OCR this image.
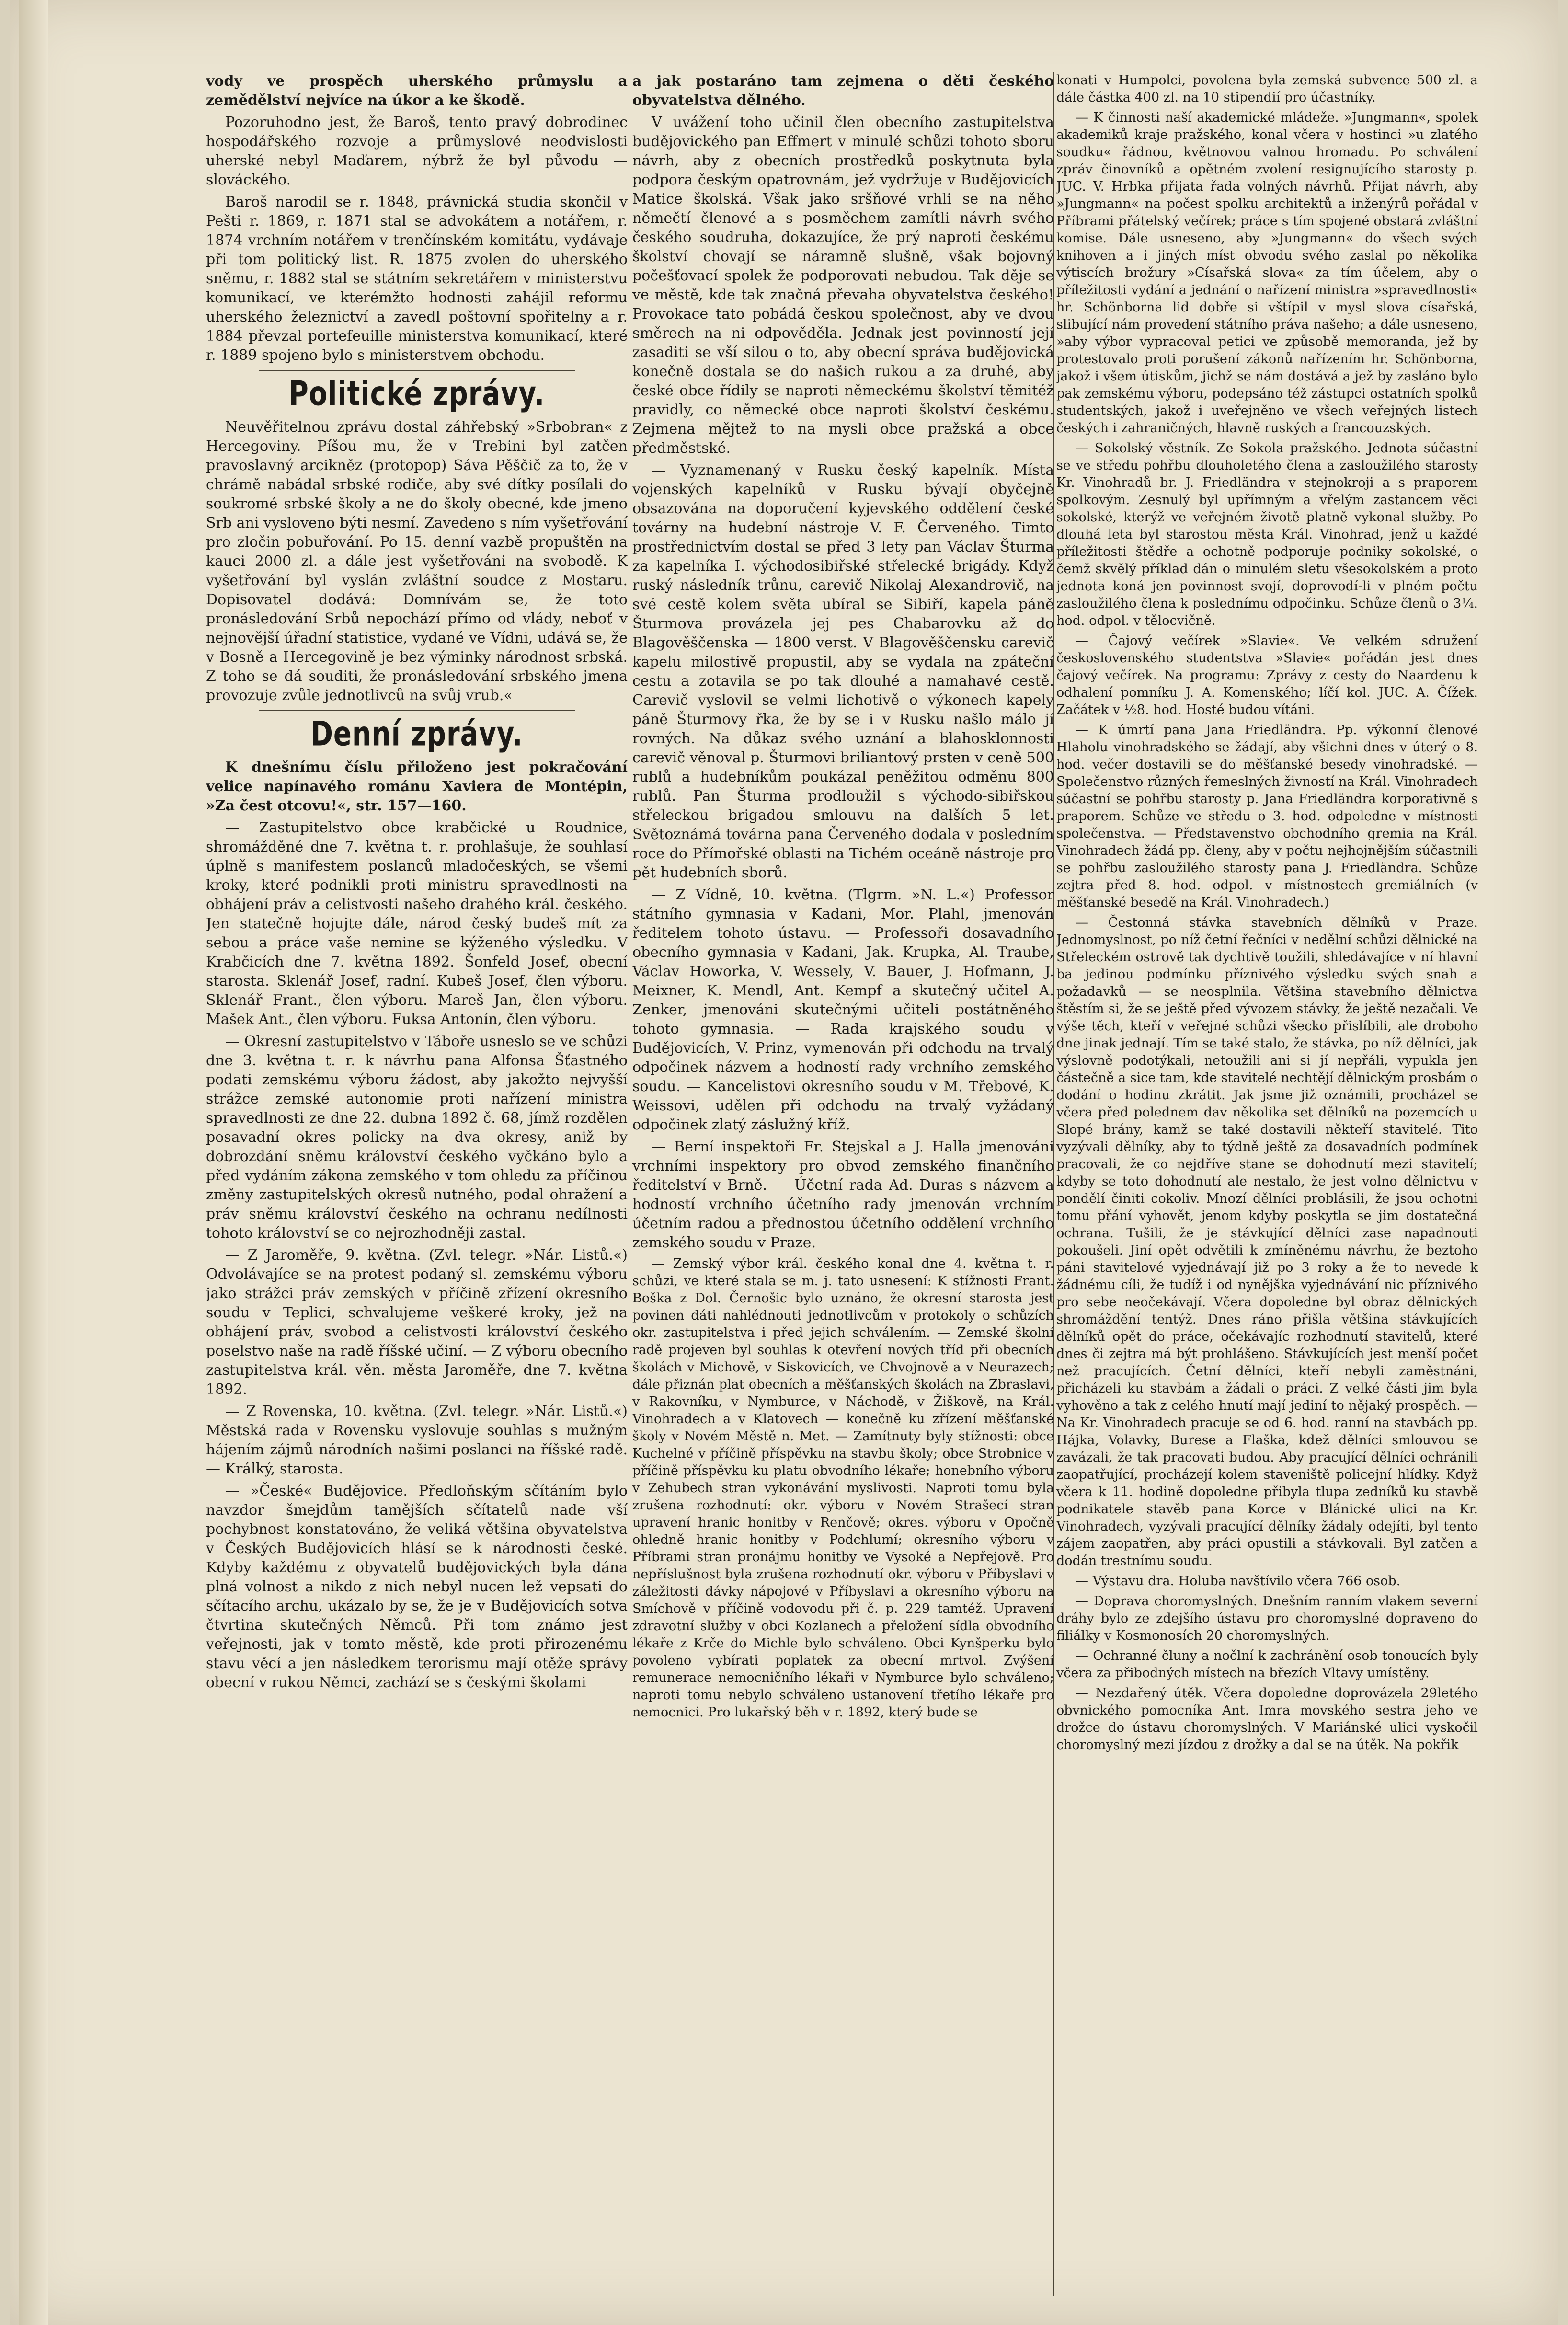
vody ve prospěch uherského průmyslu a zemědělství nejvíce na úkor a ke škodě.

Pozoruhodno jest, že Baroš, tento pravý dobrodinec hospodářského rozvoje a průmyslové neodvislosti uherské nebyl Maďarem, nýbrž že byl původu — slováckého.

Baroš narodil se r. 1848, právnická studia skončil v Pešti r. 1869, r. 1871 stal se advokátem a notářem, r. 1874 vrchním notářem v trenčínském komitátu, vydávaje při tom politický list. R. 1875 zvolen do uherského sněmu, r. 1882 stal se státním sekretářem v ministerstvu komunikací, ve kterémžto hodnosti zahájil reformu uherského železnictví a zavedl poštovní spořitelny a r. 1884 převzal portefeuille ministerstva komunikací, které r. 1889 spojeno bylo s ministerstvem obchodu.

Politické zprávy.

Neuvěřitelnou zprávu dostal záhřebský »Srbobran« z Hercegoviny. Píšou mu, že v Trebini byl zatčen pravoslavný arcikněz (protopop) Sáva Pěščič za to, že v chrámě nabádal srbské rodiče, aby své dítky posílali do soukromé srbské školy a ne do školy obecné, kde jmeno Srb ani vysloveno býti nesmí. Zavedeno s ním vyšetřování pro zločin pobuřování. Po 15. denní vazbě propuštěn na kauci 2000 zl. a dále jest vyšetřováni na svobodě. K vyšetřování byl vyslán zvláštní soudce z Mostaru. Dopisovatel dodává: Domnívám se, že toto pronásledování Srbů nepochází přímo od vlády, neboť v nejnovější úřadní statistice, vydané ve Vídni, udává se, že v Bosně a Hercegovině je bez výminky národnost srbská. Z toho se dá souditi, že pronásledování srbského jmena provozuje zvůle jednotlivců na svůj vrub.«

Denní zprávy.

K dnešnímu číslu přiloženo jest pokračování velice napínavého románu Xaviera de Montépin, »Za čest otcovu!«, str. 157—160.

— Zastupitelstvo obce krabčické u Roudnice, shromážděné dne 7. května t. r. prohlašuje, že souhlasí úplně s manifestem poslanců mladočeských, se všemi kroky, které podnikli proti ministru spravedlnosti na obhájení práv a celistvosti našeho drahého král. českého. Jen statečně hojujte dále, národ český budeš mít za sebou a práce vaše nemine se kýženého výsledku. V Krabčicích dne 7. května 1892. Šonfeld Josef, obecní starosta. Sklenář Josef, radní. Kubeš Josef, člen výboru. Sklenář Frant., člen výboru. Mareš Jan, člen výboru. Mašek Ant., člen výboru. Fuksa Antonín, člen výboru.

— Okresní zastupitelstvo v Táboře usneslo se ve schůzi dne 3. května t. r. k návrhu pana Alfonsa Šťastného podati zemskému výboru žádost, aby jakožto nejvyšší strážce zemské autonomie proti nařízení ministra spravedlnosti ze dne 22. dubna 1892 č. 68, jímž rozdělen posavadní okres policky na dva okresy, aniž by dobrozdání sněmu království českého vyčkáno bylo a před vydáním zákona zemského v tom ohledu za příčinou změny zastupitelských okresů nutného, podal ohražení a práv sněmu království českého na ochranu nedílnosti tohoto království se co nejrozhodněji zastal.

— Z Jaroměře, 9. května. (Zvl. telegr. »Nár. Listů.«) Odvolávajíce se na protest podaný sl. zemskému výboru jako strážci práv zemských v příčině zřízení okresního soudu v Teplici, schvalujeme veškeré kroky, jež na obhájení práv, svobod a celistvosti království českého poselstvo naše na radě říšské učiní. — Z výboru obecního zastupitelstva král. věn. města Jaroměře, dne 7. května 1892.

— Z Rovenska, 10. května. (Zvl. telegr. »Nár. Listů.«) Městská rada v Rovensku vyslovuje souhlas s mužným hájením zájmů národních našimi poslanci na říšské radě. — Králký, starosta.

— »České« Budějovice. Předloňským sčítáním bylo navzdor šmejdům tamějších sčítatelů nade vší pochybnost konstatováno, že veliká většina obyvatelstva v Českých Budějovicích hlásí se k národnosti české. Kdyby každému z obyvatelů budějovických byla dána plná volnost a nikdo z nich nebyl nucen lež vepsati do sčítacího archu, ukázalo by se, že je v Budějovicích sotva čtvrtina skutečných Němců. Při tom známo jest veřejnosti, jak v tomto městě, kde proti přirozenému stavu věcí a jen následkem terorismu mají otěže správy obecní v rukou Němci, zachází se s českými školami

a jak postaráno tam zejmena o děti českého obyvatelstva dělného.

V uvážení toho učinil člen obecního zastupitelstva budějovického pan Effmert v minulé schůzi tohoto sboru návrh, aby z obecních prostředků poskytnuta byla podpora českým opatrovnám, jež vydržuje v Budějovicích Matice školská. Však jako sršňové vrhli se na něho němečtí členové a s posměchem zamítli návrh svého českého soudruha, dokazujíce, že prý naproti českému školství chovají se náramně slušně, však bojovný počešťovací spolek že podporovati nebudou. Tak děje se ve městě, kde tak značná převaha obyvatelstva českého! Provokace tato pobádá českou společnost, aby ve dvou směrech na ni odpověděla. Jednak jest povinností její zasaditi se vší silou o to, aby obecní správa budějovická konečně dostala se do našich rukou a za druhé, aby české obce řídily se naproti německému školství těmitéž pravidly, co německé obce naproti školství českému. Zejmena mějtež to na mysli obce pražská a obce předměstské.

— Vyznamenaný v Rusku český kapelník. Místa vojenských kapelníků v Rusku bývají obyčejně obsazována na doporučení kyjevského oddělení české továrny na hudební nástroje V. F. Červeného. Timto prostřednictvím dostal se před 3 lety pan Václav Šturma za kapelníka I. východosibiřské střelecké brigády. Když ruský následník trůnu, carevič Nikolaj Alexandrovič, na své cestě kolem světa ubíral se Sibiří, kapela páně Šturmova provázela jej pes Chabarovku až do Blagověščenska — 1800 verst. V Blagověščensku carevič kapelu milostivě propustil, aby se vydala na zpáteční cestu a zotavila se po tak dlouhé a namahavé cestě. Carevič vyslovil se velmi lichotivě o výkonech kapely páně Šturmovy řka, že by se i v Rusku našlo málo jí rovných. Na důkaz svého uznání a blahosklonnosti carevič věnoval p. Šturmovi briliantový prsten v ceně 500 rublů a hudebníkům poukázal peněžitou odměnu 800 rublů. Pan Šturma prodloužil s východo-sibiřskou střeleckou brigadou smlouvu na dalších 5 let. Světoznámá továrna pana Červeného dodala v posledním roce do Přímořské oblasti na Tichém oceáně nástroje pro pět hudebních sborů.

— Z Vídně, 10. května. (Tlgrm. »N. L.«) Professor státního gymnasia v Kadani, Mor. Plahl, jmenován ředitelem tohoto ústavu. — Professoři dosavadního obecního gymnasia v Kadani, Jak. Krupka, Al. Traube, Václav Howorka, V. Wessely, V. Bauer, J. Hofmann, J. Meixner, K. Mendl, Ant. Kempf a skutečný učitel A. Zenker, jmenováni skutečnými učiteli postátněného tohoto gymnasia. — Rada krajského soudu v Budějovicích, V. Prinz, vymenován při odchodu na trvalý odpočinek názvem a hodností rady vrchního zemského soudu. — Kancelistovi okresního soudu v M. Třebové, K. Weissovi, udělen při odchodu na trvalý vyžádaný odpočinek zlatý záslužný kříž.

— Berní inspektoři Fr. Stejskal a J. Halla jmenováni vrchními inspektory pro obvod zemského finančního ředitelství v Brně. — Účetní rada Ad. Duras s názvem a hodností vrchního účetního rady jmenován vrchním účetním radou a přednostou účetního oddělení vrchního zemského soudu v Praze.

— Zemský výbor král. českého konal dne 4. května t. r. schůzi, ve které stala se m. j. tato usnesení: K stížnosti Frant. Boška z Dol. Černošic bylo uznáno, že okresní starosta jest povinen dáti nahlédnouti jednotlivcům v protokoly o schůzích okr. zastupitelstva i před jejich schválením. — Zemské školní radě projeven byl souhlas k otevření nových tříd při obecních školách v Michově, v Siskovicích, ve Chvojnově a v Neurazech; dále přiznán plat obecních a měšťanských školách na Zbraslavi, v Rakovníku, v Nymburce, v Náchodě, v Žiškově, na Král. Vinohradech a v Klatovech — konečně ku zřízení měšťanské školy v Novém Městě n. Met. — Zamítnuty byly stížnosti: obce Kuchelné v příčině příspěvku na stavbu školy; obce Strobnice v příčině příspěvku ku platu obvodního lékaře; honebního výboru v Zehubech stran vykonávání myslivosti. Naproti tomu byla zrušena rozhodnutí: okr. výboru v Novém Strašecí stran upravení hranic honitby v Renčově; okres. výboru v Opočně ohledně hranic honitby v Podchlumí; okresního výboru v Příbrami stran pronájmu honitby ve Vysoké a Nepřejově. Pro nepříslušnost byla zrušena rozhodnutí okr. výboru v Příbyslavi v záležitosti dávky nápojové v Příbyslavi a okresního výboru na Smíchově v příčině vodovodu při č. p. 229 tamtéž. Upravení zdravotní služby v obci Kozlanech a přeložení sídla obvodního lékaře z Krče do Michle bylo schváleno. Obci Kynšperku bylo povoleno vybírati poplatek za obecní mrtvol. Zvýšení remunerace nemocničního lékaři v Nymburce bylo schváleno; naproti tomu nebylo schváleno ustanovení třetího lékaře pro nemocnici. Pro lukařský běh v r. 1892, který bude se

konati v Humpolci, povolena byla zemská subvence 500 zl. a dále částka 400 zl. na 10 stipendií pro účastníky.

— K činnosti naší akademické mládeže. »Jungmann«, spolek akademiků kraje pražského, konal včera v hostinci »u zlatého soudku« řádnou, květnovou valnou hromadu. Po schválení zpráv činovníků a opětném zvolení resignujícího starosty p. JUC. V. Hrbka přijata řada volných návrhů. Přijat návrh, aby »Jungmann« na počest spolku architektů a inženýrů pořádal v Příbrami přátelský večírek; práce s tím spojené obstará zvláštní komise. Dále usneseno, aby »Jungmann« do všech svých knihoven a i jiných míst obvodu svého zaslal po několika výtiscích brožury »Císařská slova« za tím účelem, aby o příležitosti vydání a jednání o nařízení ministra »spravedlnosti« hr. Schönborna lid dobře si vštípil v mysl slova císařská, slibující nám provedení státního práva našeho; a dále usneseno, »aby výbor vypracoval petici ve způsobě memoranda, jež by protestovalo proti porušení zákonů nařízením hr. Schönborna, jakož i všem útiskům, jichž se nám dostává a jež by zasláno bylo pak zemskému výboru, podepsáno též zástupci ostatních spolků studentských, jakož i uveřejněno ve všech veřejných listech českých i zahraničných, hlavně ruských a francouzských.

— Sokolský věstník. Ze Sokola pražského. Jednota súčastní se ve středu pohřbu dlouholetého člena a zasloužilého starosty Kr. Vinohradů br. J. Friedländra v stejnokroji a s praporem spolkovým. Zesnulý byl upřímným a vřelým zastancem věci sokolské, kterýž ve veřejném životě platně vykonal služby. Po dlouhá leta byl starostou města Král. Vinohrad, jenž u každé příležitosti štědře a ochotně podporuje podniky sokolské, o čemž skvělý příklad dán o minulém sletu všesokolském a proto jednota koná jen povinnost svojí, doprovodí-li v plném počtu zasloužilého člena k poslednímu odpočinku. Schůze členů o 3¼. hod. odpol. v tělocvičně.

— Čajový večírek »Slavie«. Ve velkém sdružení československého studentstva »Slavie« pořádán jest dnes čajový večírek. Na programu: Zprávy z cesty do Naardenu k odhalení pomníku J. A. Komenského; líčí kol. JUC. A. Čížek. Začátek v ½8. hod. Hosté budou vítáni.

— K úmrtí pana Jana Friedländra. Pp. výkonní členové Hlaholu vinohradského se žádají, aby všichni dnes v úterý o 8. hod. večer dostavili se do měšťanské besedy vinohradské. — Společenstvo různých řemeslných živností na Král. Vinohradech súčastní se pohřbu starosty p. Jana Friedländra korporativně s praporem. Schůze ve středu o 3. hod. odpoledne v místnosti společenstva. — Představenstvo obchodního gremia na Král. Vinohradech žádá pp. členy, aby v počtu nejhojnějším súčastnili se pohřbu zasloužilého starosty pana J. Friedländra. Schůze zejtra před 8. hod. odpol. v místnostech gremiálních (v měšťanské besedě na Král. Vinohradech.)

— Čestonná stávka stavebních dělníků v Praze. Jednomyslnost, po níž četní řečníci v nedělní schůzi dělnické na Střeleckém ostrově tak dychtivě toužili, shledávajíce v ní hlavní ba jedinou podmínku příznivého výsledku svých snah a požadavků — se neosplnila. Většina stavebního dělnictva štěstím si, že se ještě před vývozem stávky, že ještě nezačali. Ve výše těch, kteří v veřejné schůzi všecko přislíbili, ale droboho dne jinak jednají. Tím se také stalo, že stávka, po níž dělníci, jak výslovně podotýkali, netoužili ani si jí nepřáli, vypukla jen částečně a sice tam, kde stavitelé nechtějí dělnickým prosbám o dodání o hodinu zkrátit. Jak jsme již oznámili, procházel se včera před polednem dav několika set dělníků na pozemcích u Slopé brány, kamž se také dostavili někteří stavitelé. Tito vyzývali dělníky, aby to týdně ještě za dosavadních podmínek pracovali, že co nejdříve stane se dohodnutí mezi stavitelí; kdyby se toto dohodnutí ale nestalo, že jest volno dělnictvu v pondělí činiti cokoliv. Mnozí dělníci problásili, že jsou ochotni tomu přání vyhovět, jenom kdyby poskytla se jim dostatečná ochrana. Tušili, že je stávkující dělníci zase napadnouti pokoušeli. Jiní opět odvětili k zmíněnému návrhu, že beztoho páni stavitelové vyjednávají již po 3 roky a že to nevede k žádnému cíli, že tudíž i od nynějška vyjednávání nic příznivého pro sebe neočekávají. Včera dopoledne byl obraz dělnických shromáždění tentýž. Dnes ráno přišla většina stávkujících dělníků opět do práce, očekávajíc rozhodnutí stavitelů, které dnes či zejtra má být prohlášeno. Stávkujících jest menší počet než pracujících. Četní dělníci, kteří nebyli zaměstnáni, přicházeli ku stavbám a žádali o práci. Z velké části jim byla vyhověno a tak z celého hnutí mají jediní to nějaký prospěch. — Na Kr. Vinohradech pracuje se od 6. hod. ranní na stavbách pp. Hájka, Volavky, Burese a Flaška, kdež dělníci smlouvou se zavázali, že tak pracovati budou. Aby pracující dělníci ochránili zaopatřující, procházejí kolem staveniště policejní hlídky. Když včera k 11. hodině dopoledne přibyla tlupa zedníků ku stavbě podnikatele stavěb pana Korce v Blánické ulici na Kr. Vinohradech, vyzývali pracující dělníky žádaly odejíti, byl tento zájem zaopatřen, aby práci opustili a stávkovali. Byl zatčen a dodán trestnímu soudu.

— Výstavu dra. Holuba navštívilo včera 766 osob.

— Doprava choromyslných. Dnešním ranním vlakem severní dráhy bylo ze zdejšího ústavu pro choromyslné dopraveno do filiálky v Kosmonosích 20 choromyslných.

— Ochranné čluny a nočlní k zachránění osob tonoucích byly včera za přibodných místech na březích Vltavy umístěny.

— Nezdařený útěk. Včera dopoledne doprovázela 29letého obvnického pomocníka Ant. Imra movského sestra jeho ve drožce do ústavu choromyslných. V Mariánské ulici vyskočil choromyslný mezi jízdou z drožky a dal se na útěk. Na pokřik
